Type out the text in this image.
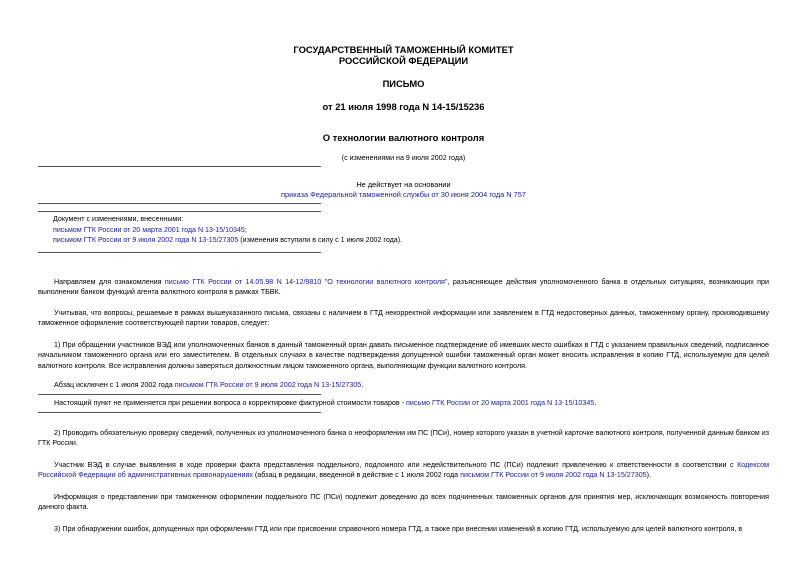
ГОСУДАРСТВЕННЫЙ ТАМОЖЕННЫЙ КОМИТЕТ
РОССИЙСКОЙ ФЕДЕРАЦИИ
ПИСЬМО
от 21 июля 1998 года N 14-15/15236
О технологии валютного контроля
(с изменениями на 9 июля 2002 года)
Не действует на основании
приказа Федеральной таможенной службы от 30 июня 2004 года N 757
Документ с изменениями, внесенными:
письмом ГТК России от 20 марта 2001 года N 13-15/10345;
письмом ГТК России от 9 июля 2002 года N 13-15/27305 (изменения вступили в силу с 1 июля 2002 года).
Направляем для ознакомления письмо ГТК России от 14.05.98 N 14-12/9810 "О технологии валютного контроля", разъясняющее действия уполномоченного банка в отдельных ситуациях, возникающих при выполнении банком функций агента валютного контроля в рамках ТБВК.
Учитывая, что вопросы, решаемые в рамках вышеуказанного письма, связаны с наличием в ГТД некорректной информации или заявлением в ГТД недостоверных данных, таможенному органу, производившему таможенное оформление соответствующей партии товаров, следует:
1) При обращении участников ВЭД или уполномоченных банков в данный таможенный орган давать письменное подтверждение об имевших место ошибках в ГТД с указанием правильных сведений, подписанное начальником таможенного органа или его заместителем. В отдельных случаях в качестве подтверждения допущенной ошибки таможенный орган может вносить исправления в копию ГТД, используемую для целей валютного контроля. Все исправления должны заверяться должностным лицом таможенного органа, выполняющим функции валютного контроля.
Абзац исключен с 1 июля 2002 года письмом ГТК России от 9 июля 2002 года N 13-15/27305.
Настоящий пункт не применяется при решении вопроса о корректировке фактурной стоимости товаров - письмо ГТК России от 20 марта 2001 года N 13-15/10345.
2) Проводить обязательную проверку сведений, полученных из уполномоченного банка о неоформлении им ПС (ПСи), номер которого указан в учетной карточке валютного контроля, полученной данным банком из ГТК России.
Участник ВЭД в случае выявления в ходе проверки факта представления поддельного, подложного или недействительного ПС (ПСи) подлежит привлечению к ответственности в соответствии с Кодексом Российской Федерации об административных правонарушениях (абзац в редакции, введенной в действие с 1 июля 2002 года письмом ГТК России от 9 июля 2002 года N 13-15/27305).
Информация о представлении при таможенном оформлении поддельного ПС (ПСи) подлежит доведению до всех подчиненных таможенных органов для принятия мер, исключающих возможность повторения данного факта.
3) При обнаружении ошибок, допущенных при оформлении ГТД или при присвоении справочного номера ГТД, а также при внесении изменений в копию ГТД, используемую для целей валютного контроля, в
